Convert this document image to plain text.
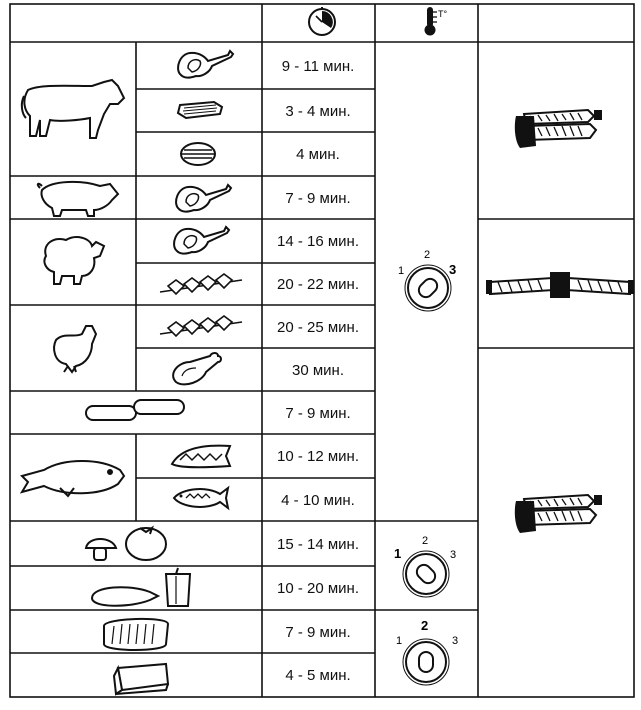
T°
9 - 11 мин.
3 - 4 мин.
4 мин.
7 - 9 мин.
14 - 16 мин.
20 - 22 мин.
20 - 25 мин.
30 мин.
7 - 9 мин.
10 - 12 мин.
4 - 10 мин.
15 - 14 мин.
10 - 20 мин.
7 - 9 мин.
4 - 5 мин.
1
2
3
1
2
3
1
2
3
